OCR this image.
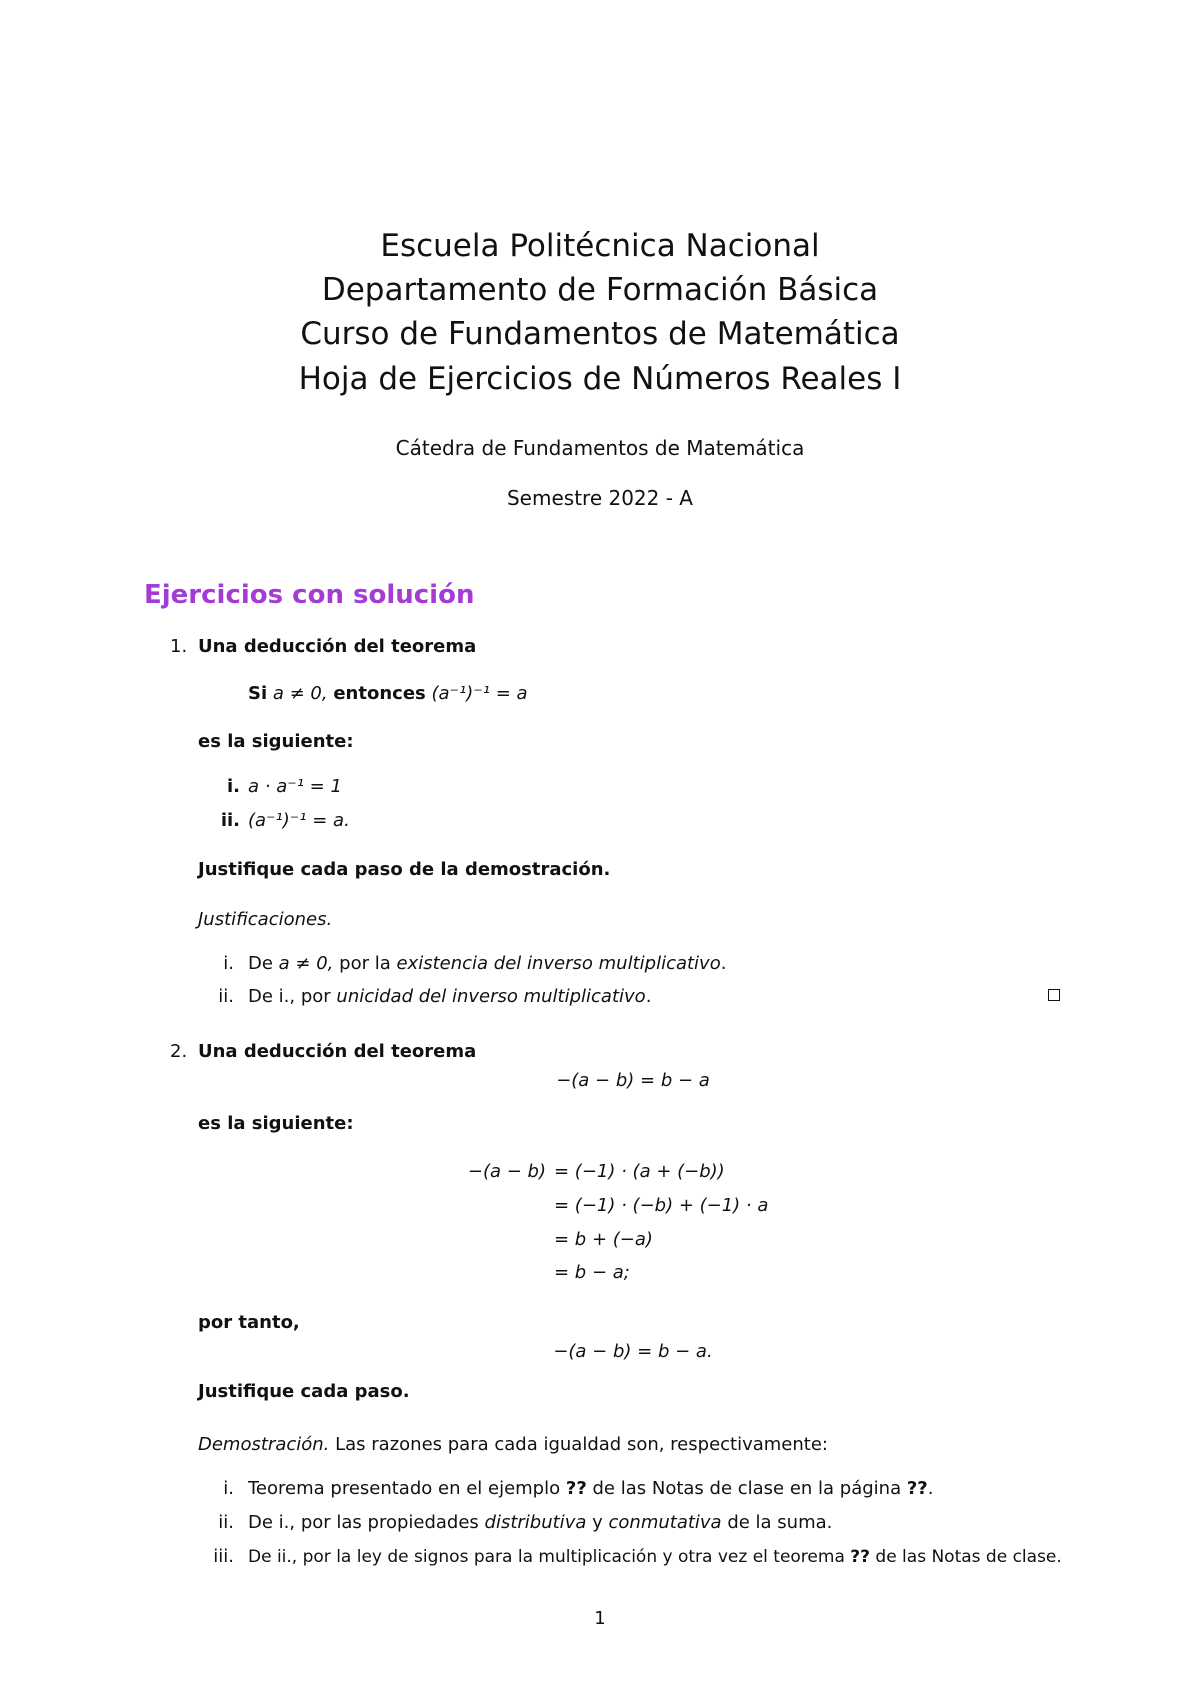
Escuela Politécnica Nacional
Departamento de Formación Básica
Curso de Fundamentos de Matemática
Hoja de Ejercicios de Números Reales I
Cátedra de Fundamentos de Matemática
Semestre 2022 - A
Ejercicios con solución
1. Una deducción del teorema
Si a ≠ 0, entonces (a⁻¹)⁻¹ = a
es la siguiente:
i. a · a⁻¹ = 1
ii. (a⁻¹)⁻¹ = a.
Justifique cada paso de la demostración.
Justificaciones.
i. De a ≠ 0, por la existencia del inverso multiplicativo.
ii. De i., por unicidad del inverso multiplicativo.
2. Una deducción del teorema
−(a − b) = b − a
es la siguiente:
−(a − b) = (−1) · (a + (−b))
= (−1) · (−b) + (−1) · a
= b + (−a)
= b − a;
por tanto,
−(a − b) = b − a.
Justifique cada paso.
Demostración. Las razones para cada igualdad son, respectivamente:
i. Teorema presentado en el ejemplo ?? de las Notas de clase en la página ??.
ii. De i., por las propiedades distributiva y conmutativa de la suma.
iii. De ii., por la ley de signos para la multiplicación y otra vez el teorema ?? de las Notas de clase.
1
